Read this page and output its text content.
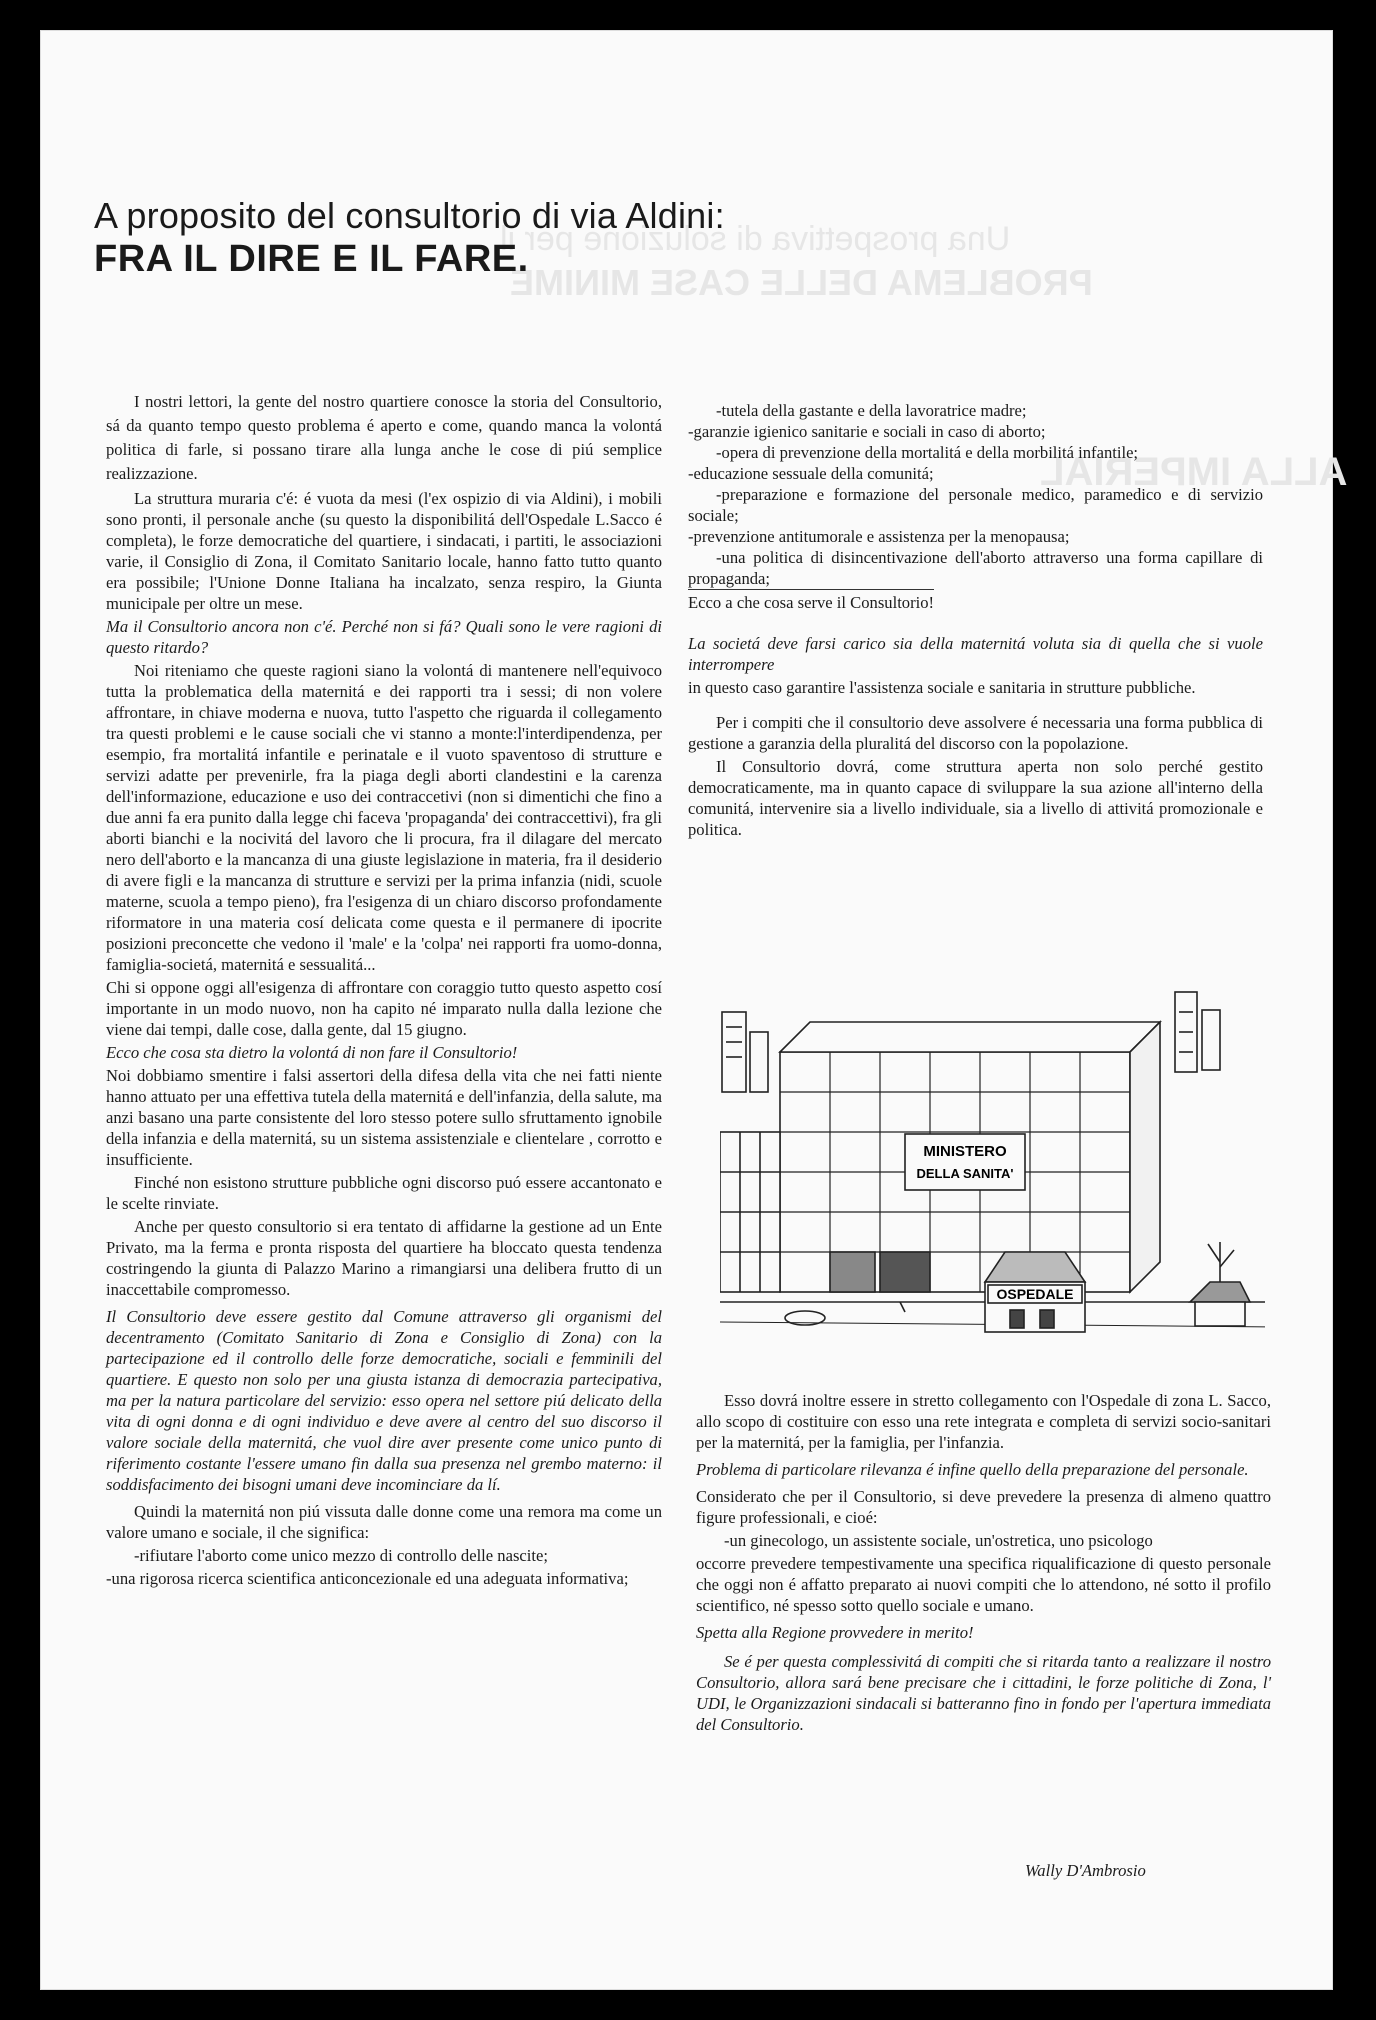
Una prospettiva di soluzione per il
PROBLEMA DELLE CASE MINIME
ALLA IMPERIAL
A proposito del consultorio di via Aldini:
FRA IL DIRE E IL FARE.

I nostri lettori, la gente del nostro quartiere conosce la storia del Consultorio, sá da quanto tempo questo problema é aperto e come, quando manca la volontá politica di farle, si possano tirare alla lunga anche le cose di piú semplice realizzazione.

La struttura muraria c'é: é vuota da mesi (l'ex ospizio di via Aldini), i mobili sono pronti, il personale anche (su questo la disponibilitá dell'Ospedale L.Sacco é completa), le forze democratiche del quartiere, i sindacati, i partiti, le associazioni varie, il Consiglio di Zona, il Comitato Sanitario locale, hanno fatto tutto quanto era possibile; l'Unione Donne Italiana ha incalzato, senza respiro, la Giunta municipale per oltre un mese.

Ma il Consultorio ancora non c'é. Perché non si fá? Quali sono le vere ragioni di questo ritardo?

Noi riteniamo che queste ragioni siano la volontá di mantenere nell'equivoco tutta la problematica della maternitá e dei rapporti tra i sessi; di non volere affrontare, in chiave moderna e nuova, tutto l'aspetto che riguarda il collegamento tra questi problemi e le cause sociali che vi stanno a monte:l'interdipendenza, per esempio, fra mortalitá infantile e perinatale e il vuoto spaventoso di strutture e servizi adatte per prevenirle, fra la piaga degli aborti clandestini e la carenza dell'informazione, educazione e uso dei contraccetivi (non si dimentichi che fino a due anni fa era punito dalla legge chi faceva 'propaganda' dei contraccettivi), fra gli aborti bianchi e la nocivitá del lavoro che li procura, fra il dilagare del mercato nero dell'aborto e la mancanza di una giuste legislazione in materia, fra il desiderio di avere figli e la mancanza di strutture e servizi per la prima infanzia (nidi, scuole materne, scuola a tempo pieno), fra l'esigenza di un chiaro discorso profondamente riformatore in una materia cosí delicata come questa e il permanere di ipocrite posizioni preconcette che vedono il 'male' e la 'colpa' nei rapporti fra uomo-donna, famiglia-societá, maternitá e sessualitá...

Chi si oppone oggi all'esigenza di affrontare con coraggio tutto questo aspetto cosí importante in un modo nuovo, non ha capito né imparato nulla dalla lezione che viene dai tempi, dalle cose, dalla gente, dal 15 giugno.

Ecco che cosa sta dietro la volontá di non fare il Consultorio!

Noi dobbiamo smentire i falsi assertori della difesa della vita che nei fatti niente hanno attuato per una effettiva tutela della maternitá e dell'infanzia, della salute, ma anzi basano una parte consistente del loro stesso potere sullo sfruttamento ignobile della infanzia e della maternitá, su un sistema assistenziale e clientelare , corrotto e insufficiente.

Finché non esistono strutture pubbliche ogni discorso puó essere accantonato e le scelte rinviate.

Anche per questo consultorio si era tentato di affidarne la gestione ad un Ente Privato, ma la ferma e pronta risposta del quartiere ha bloccato questa tendenza costringendo la giunta di Palazzo Marino a rimangiarsi una delibera frutto di un inaccettabile compromesso.

Il Consultorio deve essere gestito dal Comune attraverso gli organismi del decentramento (Comitato Sanitario di Zona e Consiglio di Zona) con la partecipazione ed il controllo delle forze democratiche, sociali e femminili del quartiere. E questo non solo per una giusta istanza di democrazia partecipativa, ma per la natura particolare del servizio: esso opera nel settore piú delicato della vita di ogni donna e di ogni individuo e deve avere al centro del suo discorso il valore sociale della maternitá, che vuol dire aver presente come unico punto di riferimento costante l'essere umano fin dalla sua presenza nel grembo materno: il soddisfacimento dei bisogni umani deve incominciare da lí.

Quindi la maternitá non piú vissuta dalle donne come una remora ma come un valore umano e sociale, il che significa:

-rifiutare l'aborto come unico mezzo di controllo delle nascite;

-una rigorosa ricerca scientifica anticoncezionale ed una adeguata informativa;

-tutela della gastante e della lavoratrice madre;

-garanzie igienico sanitarie e sociali in caso di aborto;

-opera di prevenzione della mortalitá e della morbilitá infantile;

-educazione sessuale della comunitá;

-preparazione e formazione del personale medico, paramedico e di servizio sociale;

-prevenzione antitumorale e assistenza per la menopausa;

-una politica di disincentivazione dell'aborto attraverso una forma capillare di propaganda;

Ecco a che cosa serve il Consultorio!

La societá deve farsi carico sia della maternitá voluta sia di quella che si vuole interrompere

in questo caso garantire l'assistenza sociale e sanitaria in strutture pubbliche.

Per i compiti che il consultorio deve assolvere é necessaria una forma pubblica di gestione a garanzia della pluralitá del discorso con la popolazione.

Il Consultorio dovrá, come struttura aperta non solo perché gestito democraticamente, ma in quanto capace di sviluppare la sua azione all'interno della comunitá, intervenire sia a livello individuale, sia a livello di attivitá promozionale e politica.

MINISTERO
DELLA SANITA'
OSPEDALE

Esso dovrá inoltre essere in stretto collegamento con l'Ospedale di zona L. Sacco, allo scopo di costituire con esso una rete integrata e completa di servizi socio-sanitari per la maternitá, per la famiglia, per l'infanzia.

Problema di particolare rilevanza é infine quello della preparazione del personale.

Considerato che per il Consultorio, si deve prevedere la presenza di almeno quattro figure professionali, e cioé:

-un ginecologo, un assistente sociale, un'ostretica, uno psicologo

occorre prevedere tempestivamente una specifica riqualificazione di questo personale che oggi non é affatto preparato ai nuovi compiti che lo attendono, né sotto il profilo scientifico, né spesso sotto quello sociale e umano.

Spetta alla Regione provvedere in merito!

Se é per questa complessivitá di compiti che si ritarda tanto a realizzare il nostro Consultorio, allora sará bene precisare che i cittadini, le forze politiche di Zona, l' UDI, le Organizzazioni sindacali si batteranno fino in fondo per l'apertura immediata del Consultorio.

Wally D'Ambrosio
